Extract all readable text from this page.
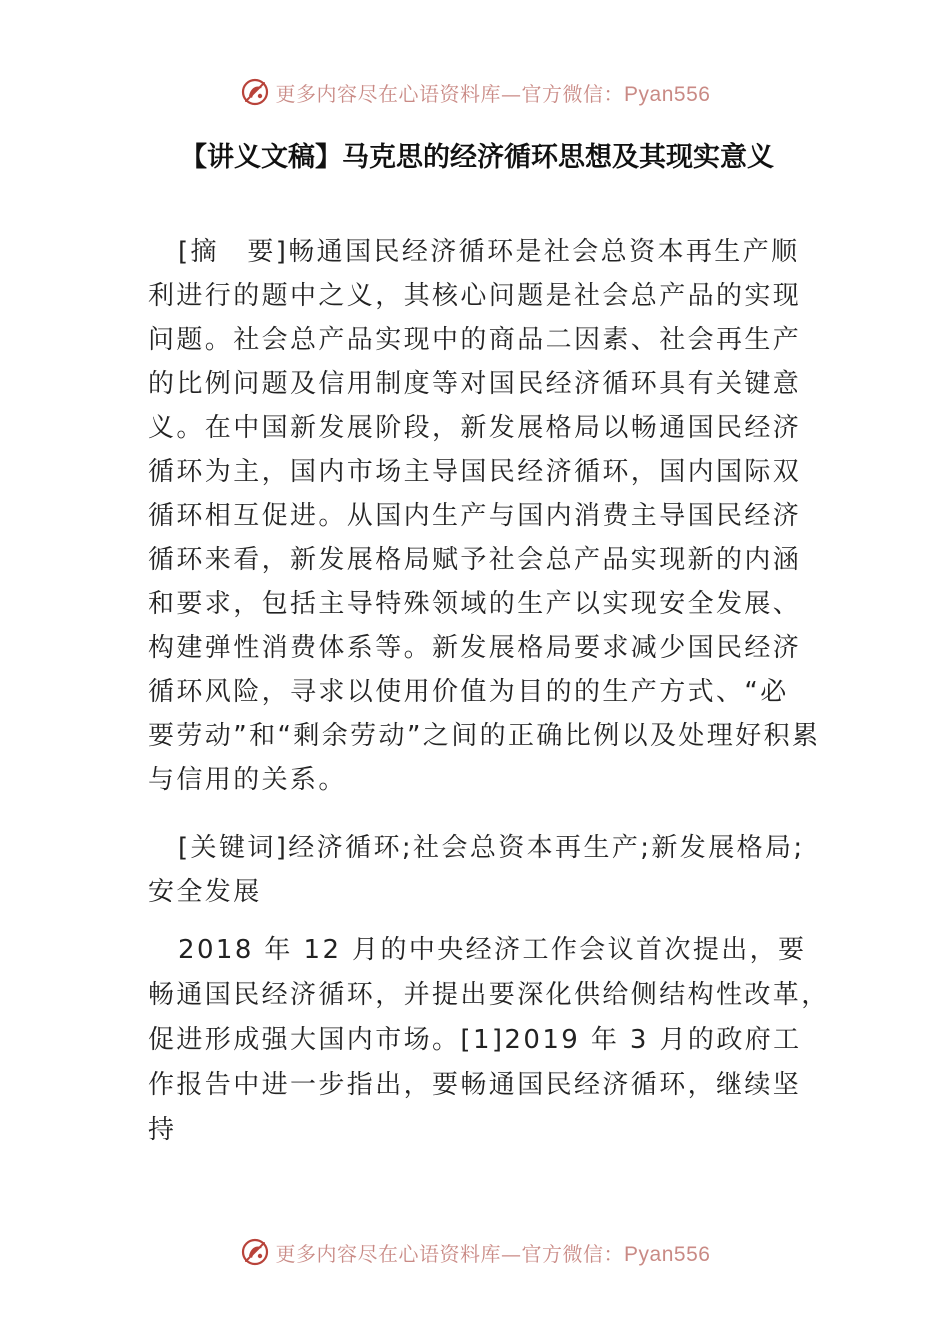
更多内容尽在心语资料库—官方微信：Pyan556
【讲义文稿】马克思的经济循环思想及其现实意义
[摘　要]畅通国民经济循环是社会总资本再生产顺
利进行的题中之义，其核心问题是社会总产品的实现
问题。社会总产品实现中的商品二因素、社会再生产
的比例问题及信用制度等对国民经济循环具有关键意
义。在中国新发展阶段，新发展格局以畅通国民经济
循环为主，国内市场主导国民经济循环，国内国际双
循环相互促进。从国内生产与国内消费主导国民经济
循环来看，新发展格局赋予社会总产品实现新的内涵
和要求，包括主导特殊领域的生产以实现安全发展、
构建弹性消费体系等。新发展格局要求减少国民经济
循环风险，寻求以使用价值为目的的生产方式、“必
要劳动”和“剩余劳动”之间的正确比例以及处理好积累
与信用的关系。
[关键词]经济循环;社会总资本再生产;新发展格局;
安全发展
2018 年 12 月的中央经济工作会议首次提出，要
畅通国民经济循环，并提出要深化供给侧结构性改革，
促进形成强大国内市场。[1]2019 年 3 月的政府工
作报告中进一步指出，要畅通国民经济循环，继续坚
持
更多内容尽在心语资料库—官方微信：Pyan556
